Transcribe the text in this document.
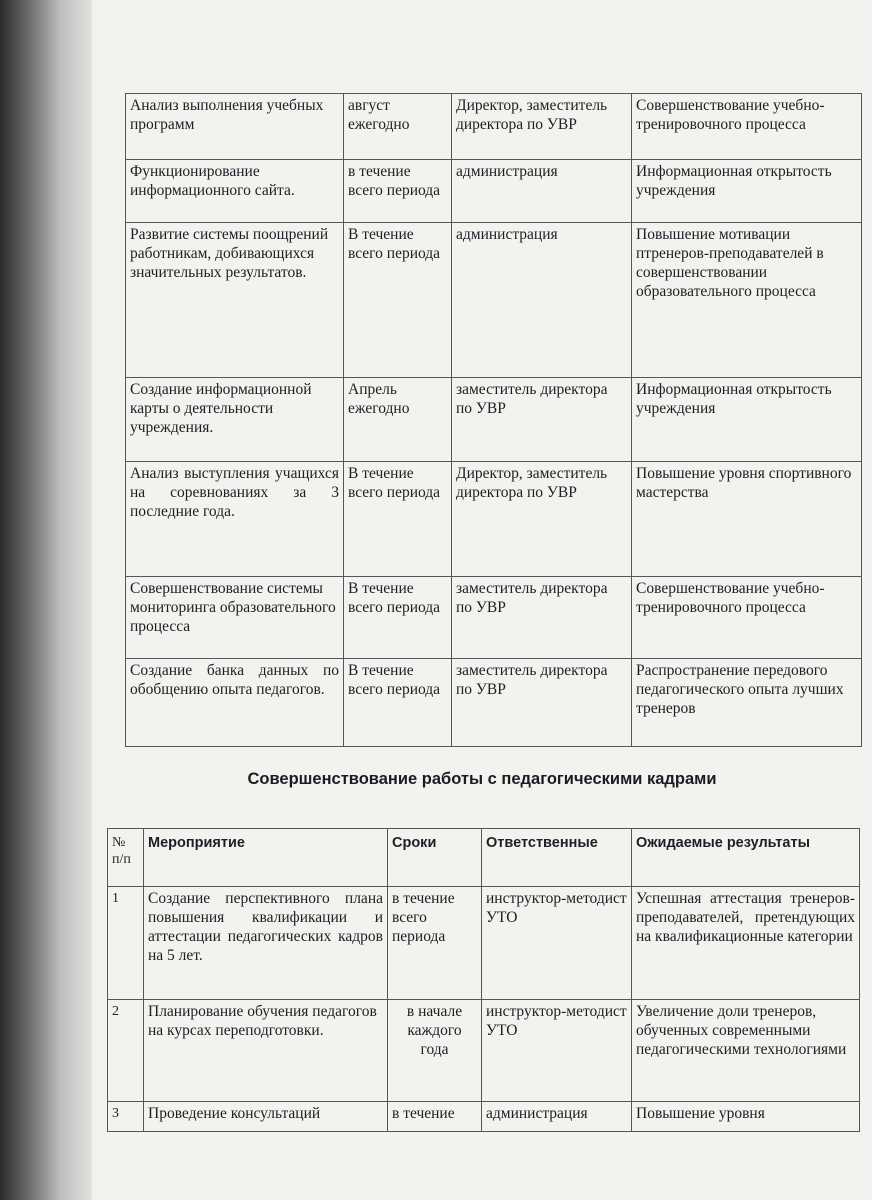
Анализ выполнения учебных программ	август ежегодно	Директор, заместитель директора по УВР	Совершенствование учебно-тренировочного процесса
Функционирование информационного сайта.	в течение всего периода	администрация	Информационная открытость учреждения
Развитие системы поощрений работникам, добивающихся значительных результатов.	В течение всего периода	администрация	Повышение мотивации птренеров-преподавателей в совершенствовании образовательного процесса
Создание информационной карты о деятельности учреждения.	Апрель ежегодно	заместитель директора по УВР	Информационная открытость учреждения
Анализ выступления учащихся на соревнованиях за 3 последние года.	В течение всего периода	Директор, заместитель директора по УВР	Повышение уровня спортивного мастерства
Совершенствование системы мониторинга образовательного процесса	В течение всего периода	заместитель директора по УВР	Совершенствование учебно-тренировочного процесса
Создание банка данных по обобщению опыта педагогов.	В течение всего периода	заместитель директора по УВР	Распространение передового педагогического опыта лучших тренеров
Совершенствование работы с педагогическими кадрами
№ п/п	Мероприятие	Сроки	Ответственные	Ожидаемые результаты
1	Создание перспективного плана повышения квалификации и аттестации педагогических кадров на 5 лет.	в течение всего периода	инструктор-методист УТО	Успешная аттестация тренеров-преподавателей, претендующих на квалификационные категории
2	Планирование обучения педагогов на курсах переподготовки.	в начале каждого года	инструктор-методист УТО	Увеличение доли тренеров, обученных современными педагогическими технологиями
3	Проведение консультаций	в течение	администрация	Повышение уровня
